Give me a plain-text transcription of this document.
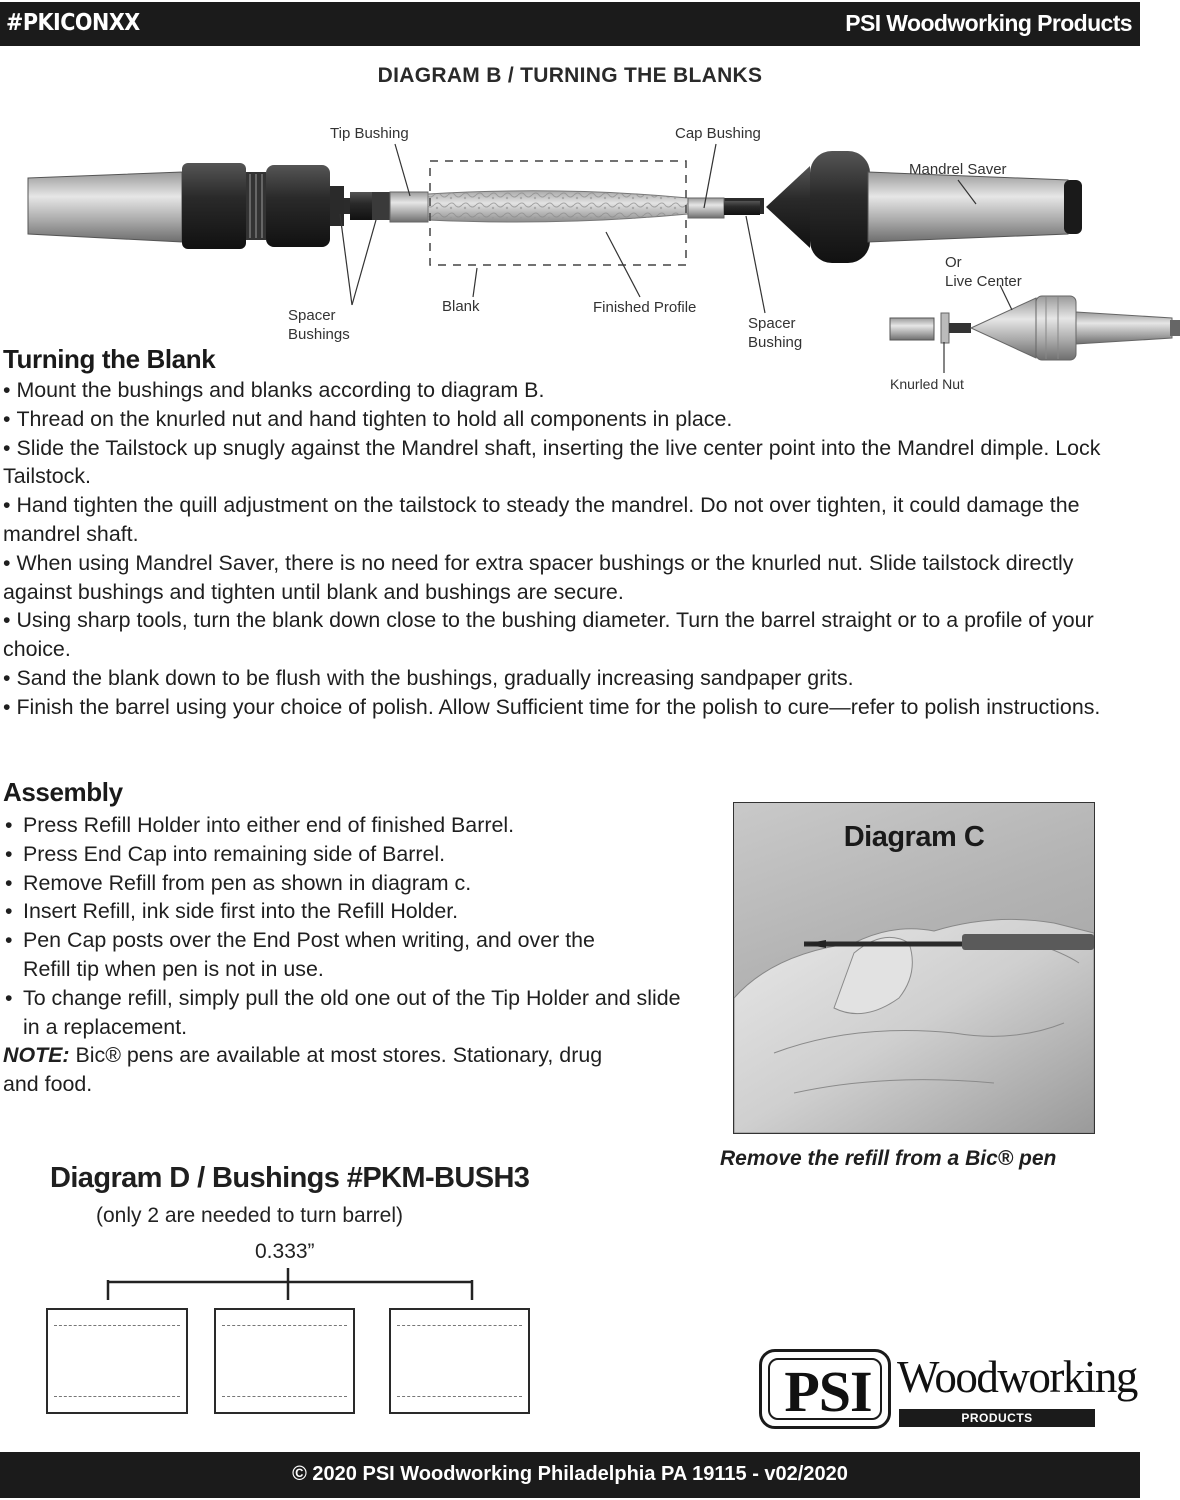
#PKICONXX	PSI Woodworking Products
DIAGRAM B / TURNING THE BLANKS
Tip Bushing	Cap Bushing
Mandrel Saver
Or
Live Center
Spacer
Bushings
Blank	Finished Profile
Spacer
Bushing
Knurled Nut
Turning the Blank

• Mount the bushings and blanks according to diagram B.

• Thread on the knurled nut and hand tighten to hold all components in place.

• Slide the Tailstock up snugly against the Mandrel shaft, inserting the live center point into the Mandrel dimple. Lock Tailstock.

• Hand tighten the quill adjustment on the tailstock to steady the mandrel. Do not over tighten, it could damage the mandrel shaft.

• When using Mandrel Saver, there is no need for extra spacer bushings or the knurled nut. Slide tailstock directly against bushings and tighten until blank and bushings are secure.

• Using sharp tools, turn the blank down close to the bushing diameter. Turn the barrel straight or to a profile of your choice.

• Sand the blank down to be flush with the bushings, gradually increasing sandpaper grits.

• Finish the barrel using your choice of polish. Allow Sufficient time for the polish to cure—refer to polish instructions.

Assembly
• Press Refill Holder into either end of finished Barrel.
• Press End Cap into remaining side of Barrel.
• Remove Refill from pen as shown in diagram c.
• Insert Refill, ink side first into the Refill Holder.
• Pen Cap posts over the End Post when writing, and over the Refill tip when pen is not in use.
• To change refill, simply pull the old one out of the Tip Holder and slide in a replacement.
NOTE: Bic® pens are available at most stores. Stationary, drug and food.
Diagram C
Remove the refill from a Bic® pen
Diagram D / Bushings #PKM-BUSH3
(only 2 are needed to turn barrel)
0.333”
PSI Woodworking
PRODUCTS
© 2020 PSI Woodworking Philadelphia PA 19115 - v02/2020
